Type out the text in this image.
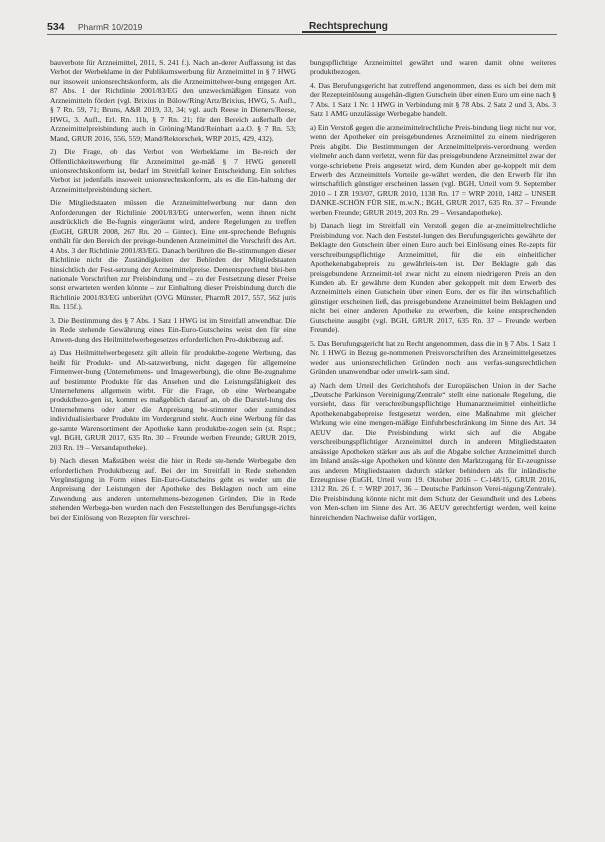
534 PharmR 10/2019	Rechtsprechung

bauverbote für Arzneimittel, 2011, S. 241 f.). Nach an-derer Auffassung ist das Verbot der Werbeklame in der Publikumswerbung für Arzneimittel in § 7 HWG nur insoweit unionsrechtskonform, als die Arzneimittelwer-bung entgegen Art. 87 Abs. 1 der Richtlinie 2001/83/EG den unzweckmäßigen Einsatz von Arzneimitteln fördert (vgl. Brixius in Bülow/Ring/Artz/Brixius, HWG, 5. Aufl., § 7 Rn. 59, 71; Bruns, A&R 2019, 33, 34; vgl. auch Reese in Dieners/Reese, HWG, 3. Aufl., Erl. Rn. 11b, § 7 Rn. 21; für den Bereich außerhalb der Arzneimittelpreisbindung auch in Gröning/Mand/Reinhart a.a.O. § 7 Rn. 53; Mand, GRUR 2016, 556, 559; Mand/Rektorschek, WRP 2015, 429, 432).

2) Die Frage, ob das Verbot von Werbeklame im Be-reich der Öffentlichkeitswerbung für Arzneimittel ge-mäß § 7 HWG generell unionsrechtskonform ist, bedarf im Streitfall keiner Entscheidung. Ein solches Verbot ist jedenfalls insoweit unionsrechtskonform, als es die Ein-haltung der Arzneimittelpreisbindung sichert.

Die Mitgliedstaaten müssen die Arzneimittelwerbung nur dann den Anforderungen der Richtlinie 2001/83/EG unterwerfen, wenn ihnen nicht ausdrücklich die Be-fugnis eingeräumt wird, andere Regelungen zu treffen (EuGH, GRUR 2008, 267 Rn. 20 – Gintec). Eine ent-sprechende Befugnis enthält für den Bereich der preisge-bundenen Arzneimittel die Vorschrift des Art. 4 Abs. 3 der Richtlinie 2001/83/EG. Danach berühren die Be-stimmungen dieser Richtlinie nicht die Zuständigkeiten der Behörden der Mitgliedstaaten hinsichtlich der Fest-setzung der Arzneimittelpreise. Dementsprechend blei-ben nationale Vorschriften zur Preisbindung und – zu der Festsetzung dieser Preise sonst erwarteten werden könnte – zur Einhaltung dieser Preisbindung durch die Richtlinie 2001/83/EG unberührt (OVG Münster, PharmR 2017, 557, 562 juris Rn. 115f.).

3. Die Bestimmung des § 7 Abs. 1 Satz 1 HWG ist im Streitfall anwendbar. Die in Rede stehende Gewährung eines Ein-Euro-Gutscheins weist den für eine Anwen-dung des Heilmittelwerbegesetzes erforderlichen Pro-duktbezug auf.

a) Das Heilmittelwerbegesetz gilt allein für produktbe-zogene Werbung, das heißt für Produkt- und Ab-satzwerbung, nicht dagegen für allgemeine Firmenwer-bung (Unternehmens- und Imagewerbung), die ohne Be-zugnahme auf bestimmte Produkte für das Ansehen und die Leistungsfähigkeit des Unternehmens allgemein wirbt. Für die Frage, ob eine Werbeangabe produktbezo-gen ist, kommt es maßgeblich darauf an, ob die Darstel-lung des Unternehmens oder aber die Anpreisung be-stimmter oder zumindest individualisierbarer Produkte im Vordergrund steht. Auch eine Werbung für das ge-samte Warensortiment der Apotheke kann produktbe-zogen sein (st. Rspr.; vgl. BGH, GRUR 2017, 635 Rn. 30 – Freunde werben Freunde; GRUR 2019, 203 Rn. 19 – Versandapotheke).

b) Nach diesen Maßstäben weist die hier in Rede ste-hende Werbegabe den erforderlichen Produktbezug auf. Bei der im Streitfall in Rede stehenden Vergünstigung in Form eines Ein-Euro-Gutscheins geht es weder um die Anpreisung der Leistungen der Apotheke des Beklagten noch um eine Zuwendung aus anderen unternehmens-bezogenen Gründen. Die in Rede stehenden Werbega-ben wurden nach den Feststellungen des Berufungsge-richts bei der Einlösung von Rezepten für verschrei-

bungspflichtige Arzneimittel gewährt und waren damit ohne weiteres produktbezogen.

4. Das Berufungsgericht hat zutreffend angenommen, dass es sich bei dem mit der Rezepteinlösung ausgehän-digten Gutschein über einen Euro um eine nach § 7 Abs. 1 Satz 1 Nr. 1 HWG in Verbindung mit § 78 Abs. 2 Satz 2 und 3, Abs. 3 Satz 1 AMG unzulässige Werbegabe handelt.

a) Ein Verstoß gegen die arzneimittelrechtliche Preis-bindung liegt nicht nur vor, wenn der Apotheker ein preisgebundenes Arzneimittel zu einem niedrigeren Preis abgibt. Die Bestimmungen der Arzneimittelpreis-verordnung werden vielmehr auch dann verletzt, wenn für das preisgebundene Arzneimittel zwar der vorge-schriebene Preis angesetzt wird, dem Kunden aber ge-koppelt mit dem Erwerb des Arzneimittels Vorteile ge-währt werden, die den Erwerb für ihn wirtschaftlich günstiger erscheinen lassen (vgl. BGH, Urteil vom 9. September 2010 – I ZR 193/07, GRUR 2010, 1138 Rn. 17 = WRP 2010, 1482 – UNSER DANKE-SCHÖN FÜR SIE, m.w.N.; BGH, GRUR 2017, 635 Rn. 37 – Freunde werben Freunde; GRUR 2019, 203 Rn. 29 – Versandapotheke).

b) Danach liegt im Streitfall ein Verstoß gegen die ar-zneimittelrechtliche Preisbindung vor. Nach den Feststel-lungen des Berufungsgerichts gewährte der Beklagte den Gutschein über einen Euro auch bei Einlösung eines Re-zepts für verschreibungspflichtige Arzneimittel, für die ein einheitlicher Apothekenabgabepreis zu gewährleis-ten ist. Der Beklagte gab das preisgebundene Arzneimit-tel zwar nicht zu einem niedrigeren Preis an den Kunden ab. Er gewährte dem Kunden aber gekoppelt mit dem Erwerb des Arzneimittels einen Gutschein über einen Euro, der es für ihn wirtschaftlich günstiger erscheinen ließ, das preisgebundene Arzneimittel beim Beklagten und nicht bei einer anderen Apotheke zu erwerben, die keine entsprechenden Gutscheine ausgibt (vgl. BGH, GRUR 2017, 635 Rn. 37 – Freunde werben Freunde).

5. Das Berufungsgericht hat zu Recht angenommen, dass die in § 7 Abs. 1 Satz 1 Nr. 1 HWG in Bezug ge-nommenen Preisvorschriften des Arzneimittelgesetzes weder aus unionsrechtlichen Gründen noch aus verfas-sungsrechtlichen Gründen unanwendbar oder unwirk-sam sind.

a) Nach dem Urteil des Gerichtshofs der Europäischen Union in der Sache „Deutsche Parkinson Vereinigung/Zentrale“ stellt eine nationale Regelung, die vorsieht, dass für verschreibungspflichtige Humanarzneimittel einheitliche Apothekenabgabepreise festgesetzt werden, eine Maßnahme mit gleicher Wirkung wie eine mengen-mäßige Einfuhrbeschränkung im Sinne des Art. 34 AEUV dar. Die Preisbindung wirkt sich auf die Abgabe verschreibungspflichtiger Arzneimittel durch in anderen Mitgliedstaaten ansässige Apotheken stärker aus als auf die Abgabe solcher Arzneimittel durch im Inland ansäs-sige Apotheken und könnte den Marktzugang für Er-zeugnisse aus anderen Mitgliedstaaten dadurch stärker behindern als für inländische Erzeugnisse (EuGH, Urteil vom 19. Oktober 2016 – C-148/15, GRUR 2016, 1312 Rn. 26 f. = WRP 2017, 36 – Deutsche Parkinson Verei-nigung/Zentrale). Die Preisbindung könnte nicht mit dem Schutz der Gesundheit und des Lebens von Men-schen im Sinne des Art. 36 AEUV gerechtfertigt werden, weil keine hinreichenden Nachweise dafür vorlägen,
